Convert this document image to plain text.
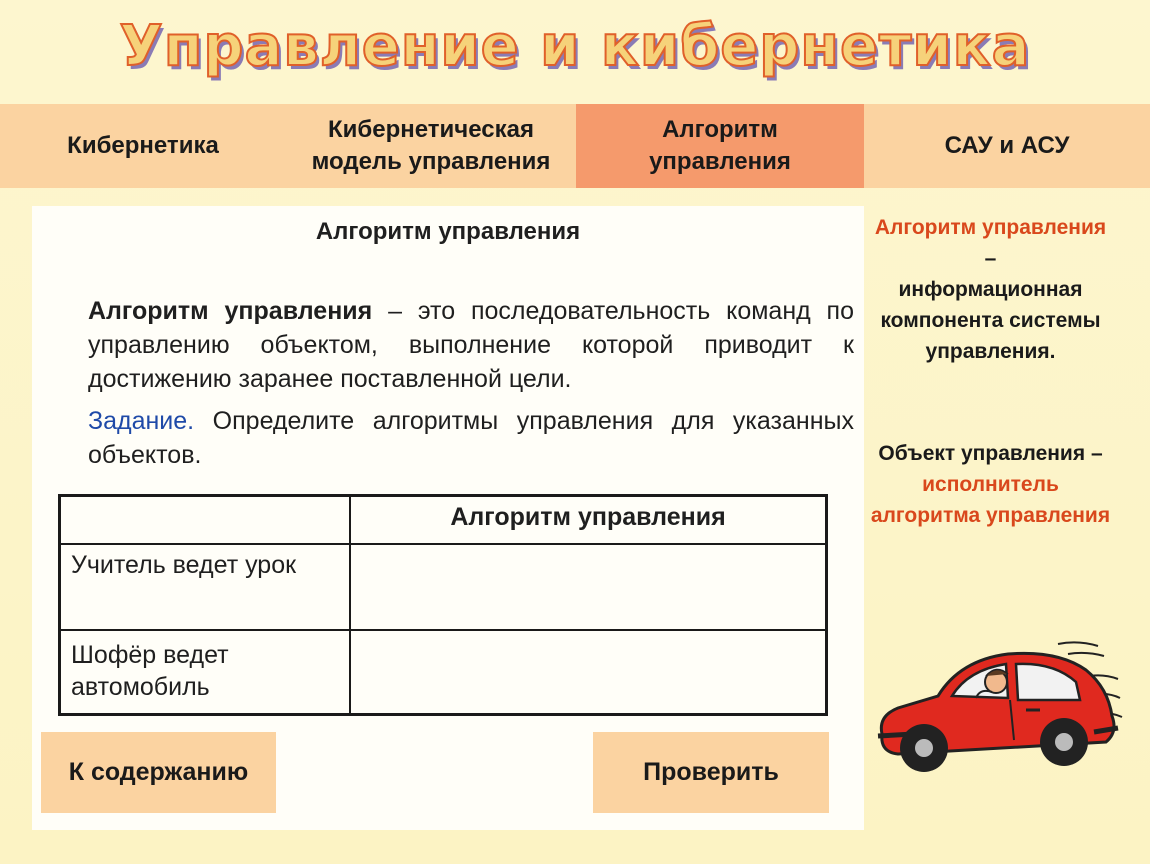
Управление и кибернетика
Кибернетика
Кибернетическая модель управления
Алгоритм управления
САУ и АСУ
Алгоритм управления
Алгоритм управления – это последовательность команд по управлению объектом, выполнение которой приводит к достижению заранее поставленной цели.
Задание. Определите алгоритмы управления для указанных объектов.
	Алгоритм управления
Учитель ведет урок	
Шофёр ведет автомобиль	
К содержанию	Проверить
Алгоритм управления –
информационная компонента системы управления.
Объект управления –
исполнитель алгоритма управления
